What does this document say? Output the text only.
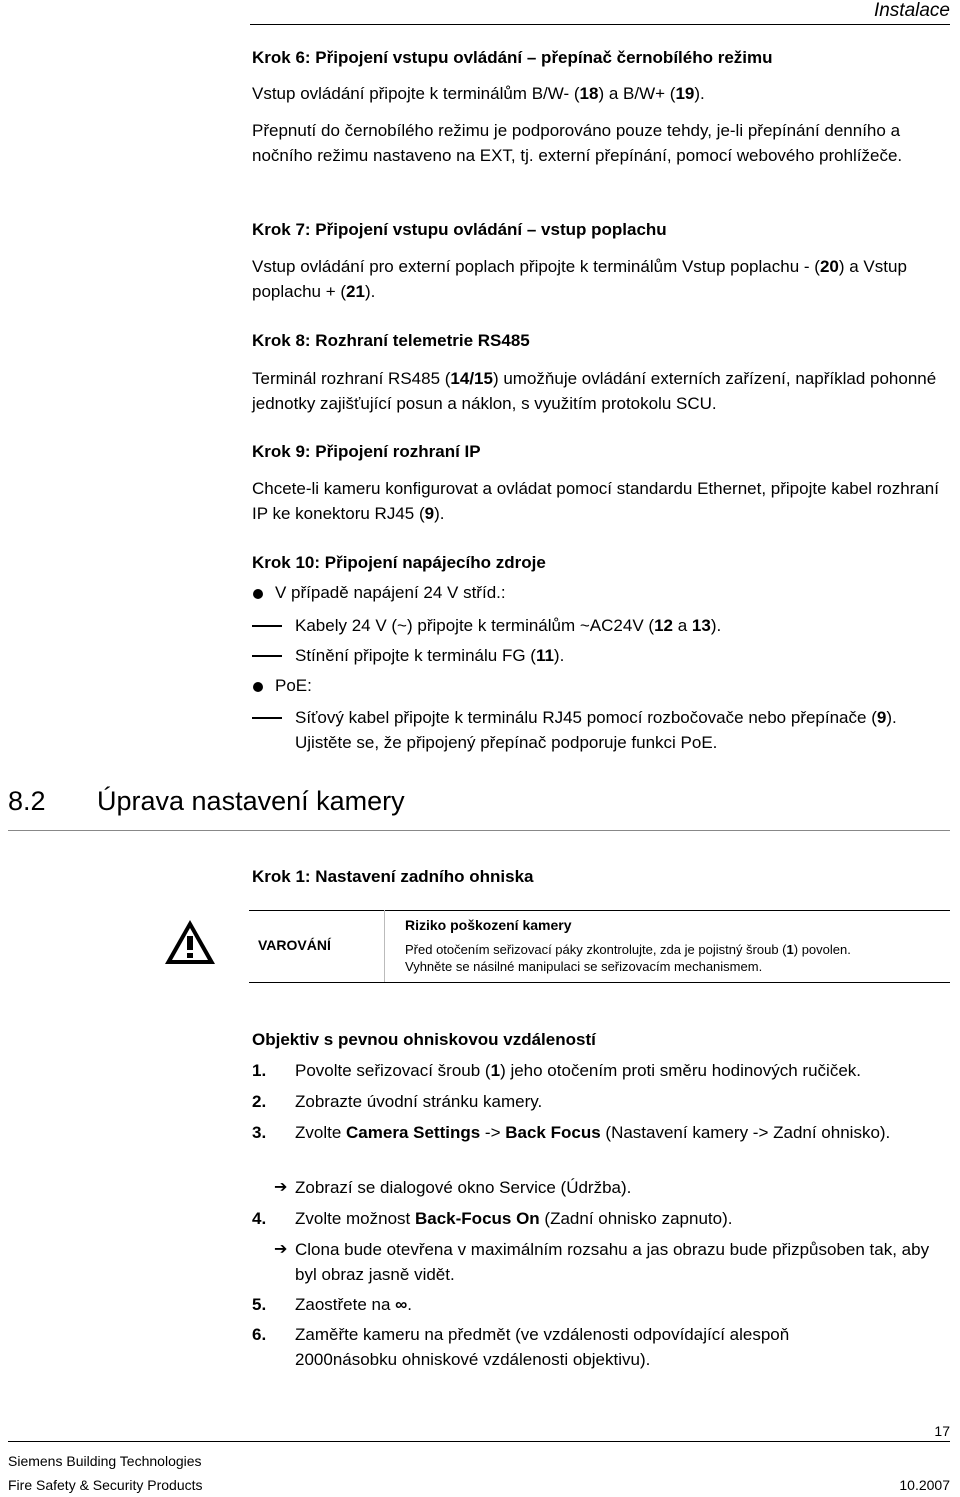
Instalace
Krok 6: Připojení vstupu ovládání – přepínač černobílého režimu
Vstup ovládání připojte k terminálům B/W- (18) a B/W+ (19).
Přepnutí do černobílého režimu je podporováno pouze tehdy, je-li přepínání denního a nočního režimu nastaveno na EXT, tj. externí přepínání, pomocí webového prohlížeče.
Krok 7: Připojení vstupu ovládání – vstup poplachu
Vstup ovládání pro externí poplach připojte k terminálům Vstup poplachu - (20) a Vstup poplachu + (21).
Krok 8: Rozhraní telemetrie RS485
Terminál rozhraní RS485 (14/15) umožňuje ovládání externích zařízení, například pohonné jednotky zajišťující posun a náklon, s využitím protokolu SCU.
Krok 9: Připojení rozhraní IP
Chcete-li kameru konfigurovat a ovládat pomocí standardu Ethernet, připojte kabel rozhraní IP ke konektoru RJ45 (9).
Krok 10: Připojení napájecího zdroje
V případě napájení 24 V stříd.:
Kabely 24 V (~) připojte k terminálům ~AC24V (12 a 13).
Stínění připojte k terminálu FG (11).
PoE:
Síťový kabel připojte k terminálu RJ45 pomocí rozbočovače nebo přepínače (9). Ujistěte se, že připojený přepínač podporuje funkci PoE.
8.2 Úprava nastavení kamery
Krok 1: Nastavení zadního ohniska
VAROVÁNÍ
Riziko poškození kamery
Před otočením seřizovací páky zkontrolujte, zda je pojistný šroub (1) povolen.
Vyhněte se násilné manipulaci se seřizovacím mechanismem.
Objektiv s pevnou ohniskovou vzdáleností
1. Povolte seřizovací šroub (1) jeho otočením proti směru hodinových ručiček.
2. Zobrazte úvodní stránku kamery.
3. Zvolte Camera Settings -> Back Focus (Nastavení kamery -> Zadní ohnisko).
➔ Zobrazí se dialogové okno Service (Údržba).
4. Zvolte možnost Back-Focus On (Zadní ohnisko zapnuto).
➔ Clona bude otevřena v maximálním rozsahu a jas obrazu bude přizpůsoben tak, aby byl obraz jasně vidět.
5. Zaostřete na ∞.
6. Zaměřte kameru na předmět (ve vzdálenosti odpovídající alespoň 2000násobku ohniskové vzdálenosti objektivu).
17
Siemens Building Technologies
Fire Safety & Security Products	10.2007
